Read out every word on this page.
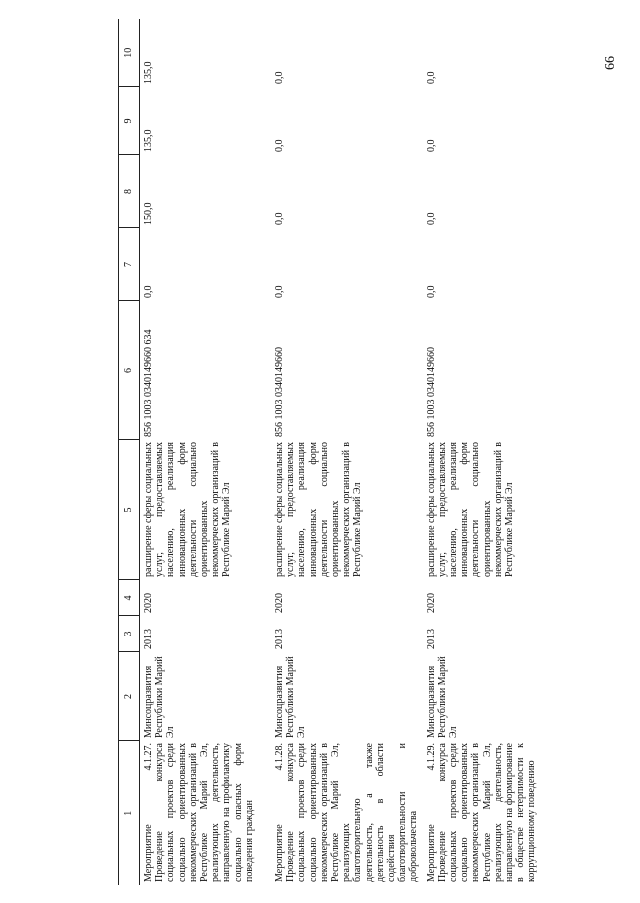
66
1	2	3	4	5	6	7	8	9	10
Мероприятие 4.1.27. Проведение конкурса социальных проектов среди социально ориентированных некоммерческих организаций в Республике Марий Эл, реализующих деятельность, направленную на профилактику социально опасных форм поведения граждан	Минсоцразвития Республики Марий Эл	2013	2020	расширение сферы социальных услуг, предоставляемых населению, реализация инновационных форм деятельности социально ориентированных некоммерческих организаций в Республике Марий Эл	856 1003 0340149660 634	0,0	150,0	135,0	135,0
Мероприятие 4.1.28. Проведение конкурса социальных проектов среди социально ориентированных некоммерческих организаций в Республике Марий Эл, реализующих благотворительную деятельность, а также деятельность в области содействия благотворительности и добровольчества	Минсоцразвития Республики Марий Эл	2013	2020	расширение сферы социальных услуг, предоставляемых населению, реализация инновационных форм деятельности социально ориентированных некоммерческих организаций в Республике Марий Эл	856 1003 0340149660	0,0	0,0	0,0	0,0
Мероприятие 4.1.29. Проведение конкурса социальных проектов среди социально ориентированных некоммерческих организаций в Республике Марий Эл, реализующих деятельность, направленную на формирование в обществе нетерпимости к коррупционному поведению	Минсоцразвития Республики Марий Эл	2013	2020	расширение сферы социальных услуг, предоставляемых населению, реализация инновационных форм деятельности социально ориентированных некоммерческих организаций в Республике Марий Эл	856 1003 0340149660	0,0	0,0	0,0	0,0
